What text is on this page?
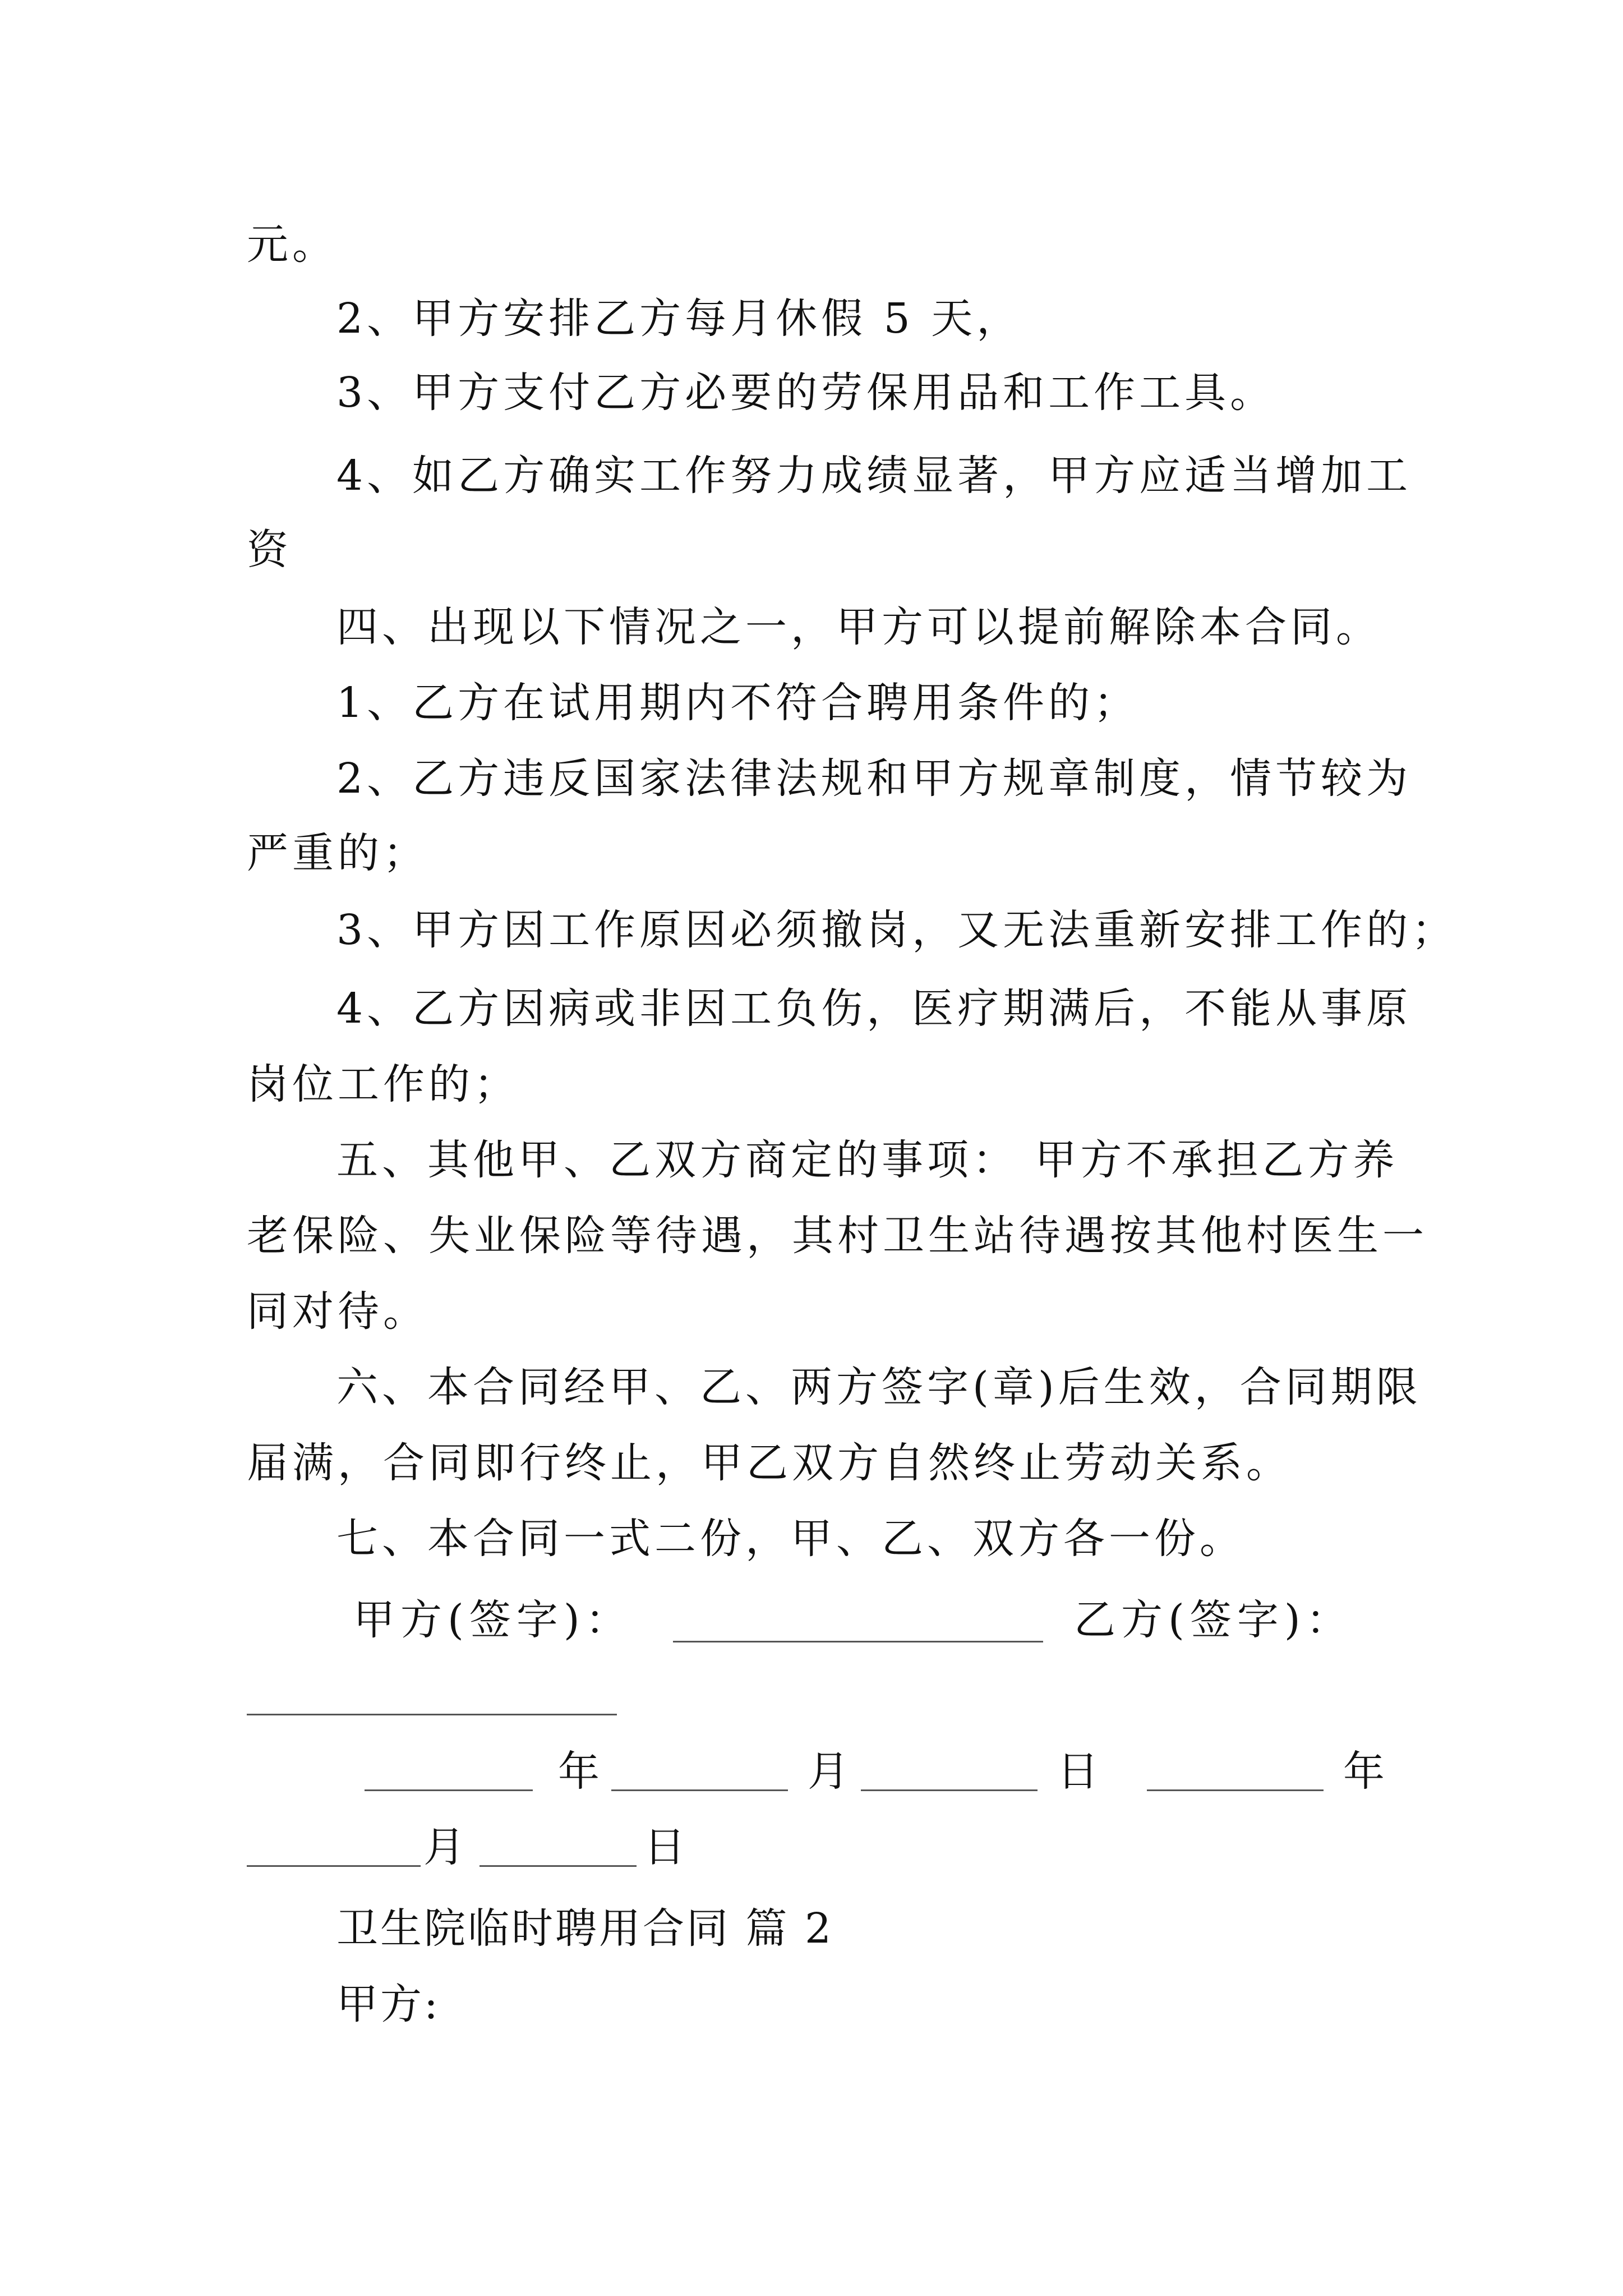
元。
2、甲方安排乙方每月休假 5 天，
3、甲方支付乙方必要的劳保用品和工作工具。
4、如乙方确实工作努力成绩显著，甲方应适当增加工
资
四、出现以下情况之一，甲方可以提前解除本合同。
1、乙方在试用期内不符合聘用条件的；
2、乙方违反国家法律法规和甲方规章制度，情节较为
严重的；
3、甲方因工作原因必须撤岗，又无法重新安排工作的；
4、乙方因病或非因工负伤，医疗期满后，不能从事原
岗位工作的；
五、其他甲、乙双方商定的事项： 甲方不承担乙方养
老保险、失业保险等待遇，其村卫生站待遇按其他村医生一
同对待。
六、本合同经甲、乙、两方签字(章)后生效，合同期限
届满，合同即行终止，甲乙双方自然终止劳动关系。
七、本合同一式二份，甲、乙、双方各一份。
甲方(签字)：	乙方(签字)：
年	月	日	年
月	日
卫生院临时聘用合同 篇 2
甲方:
